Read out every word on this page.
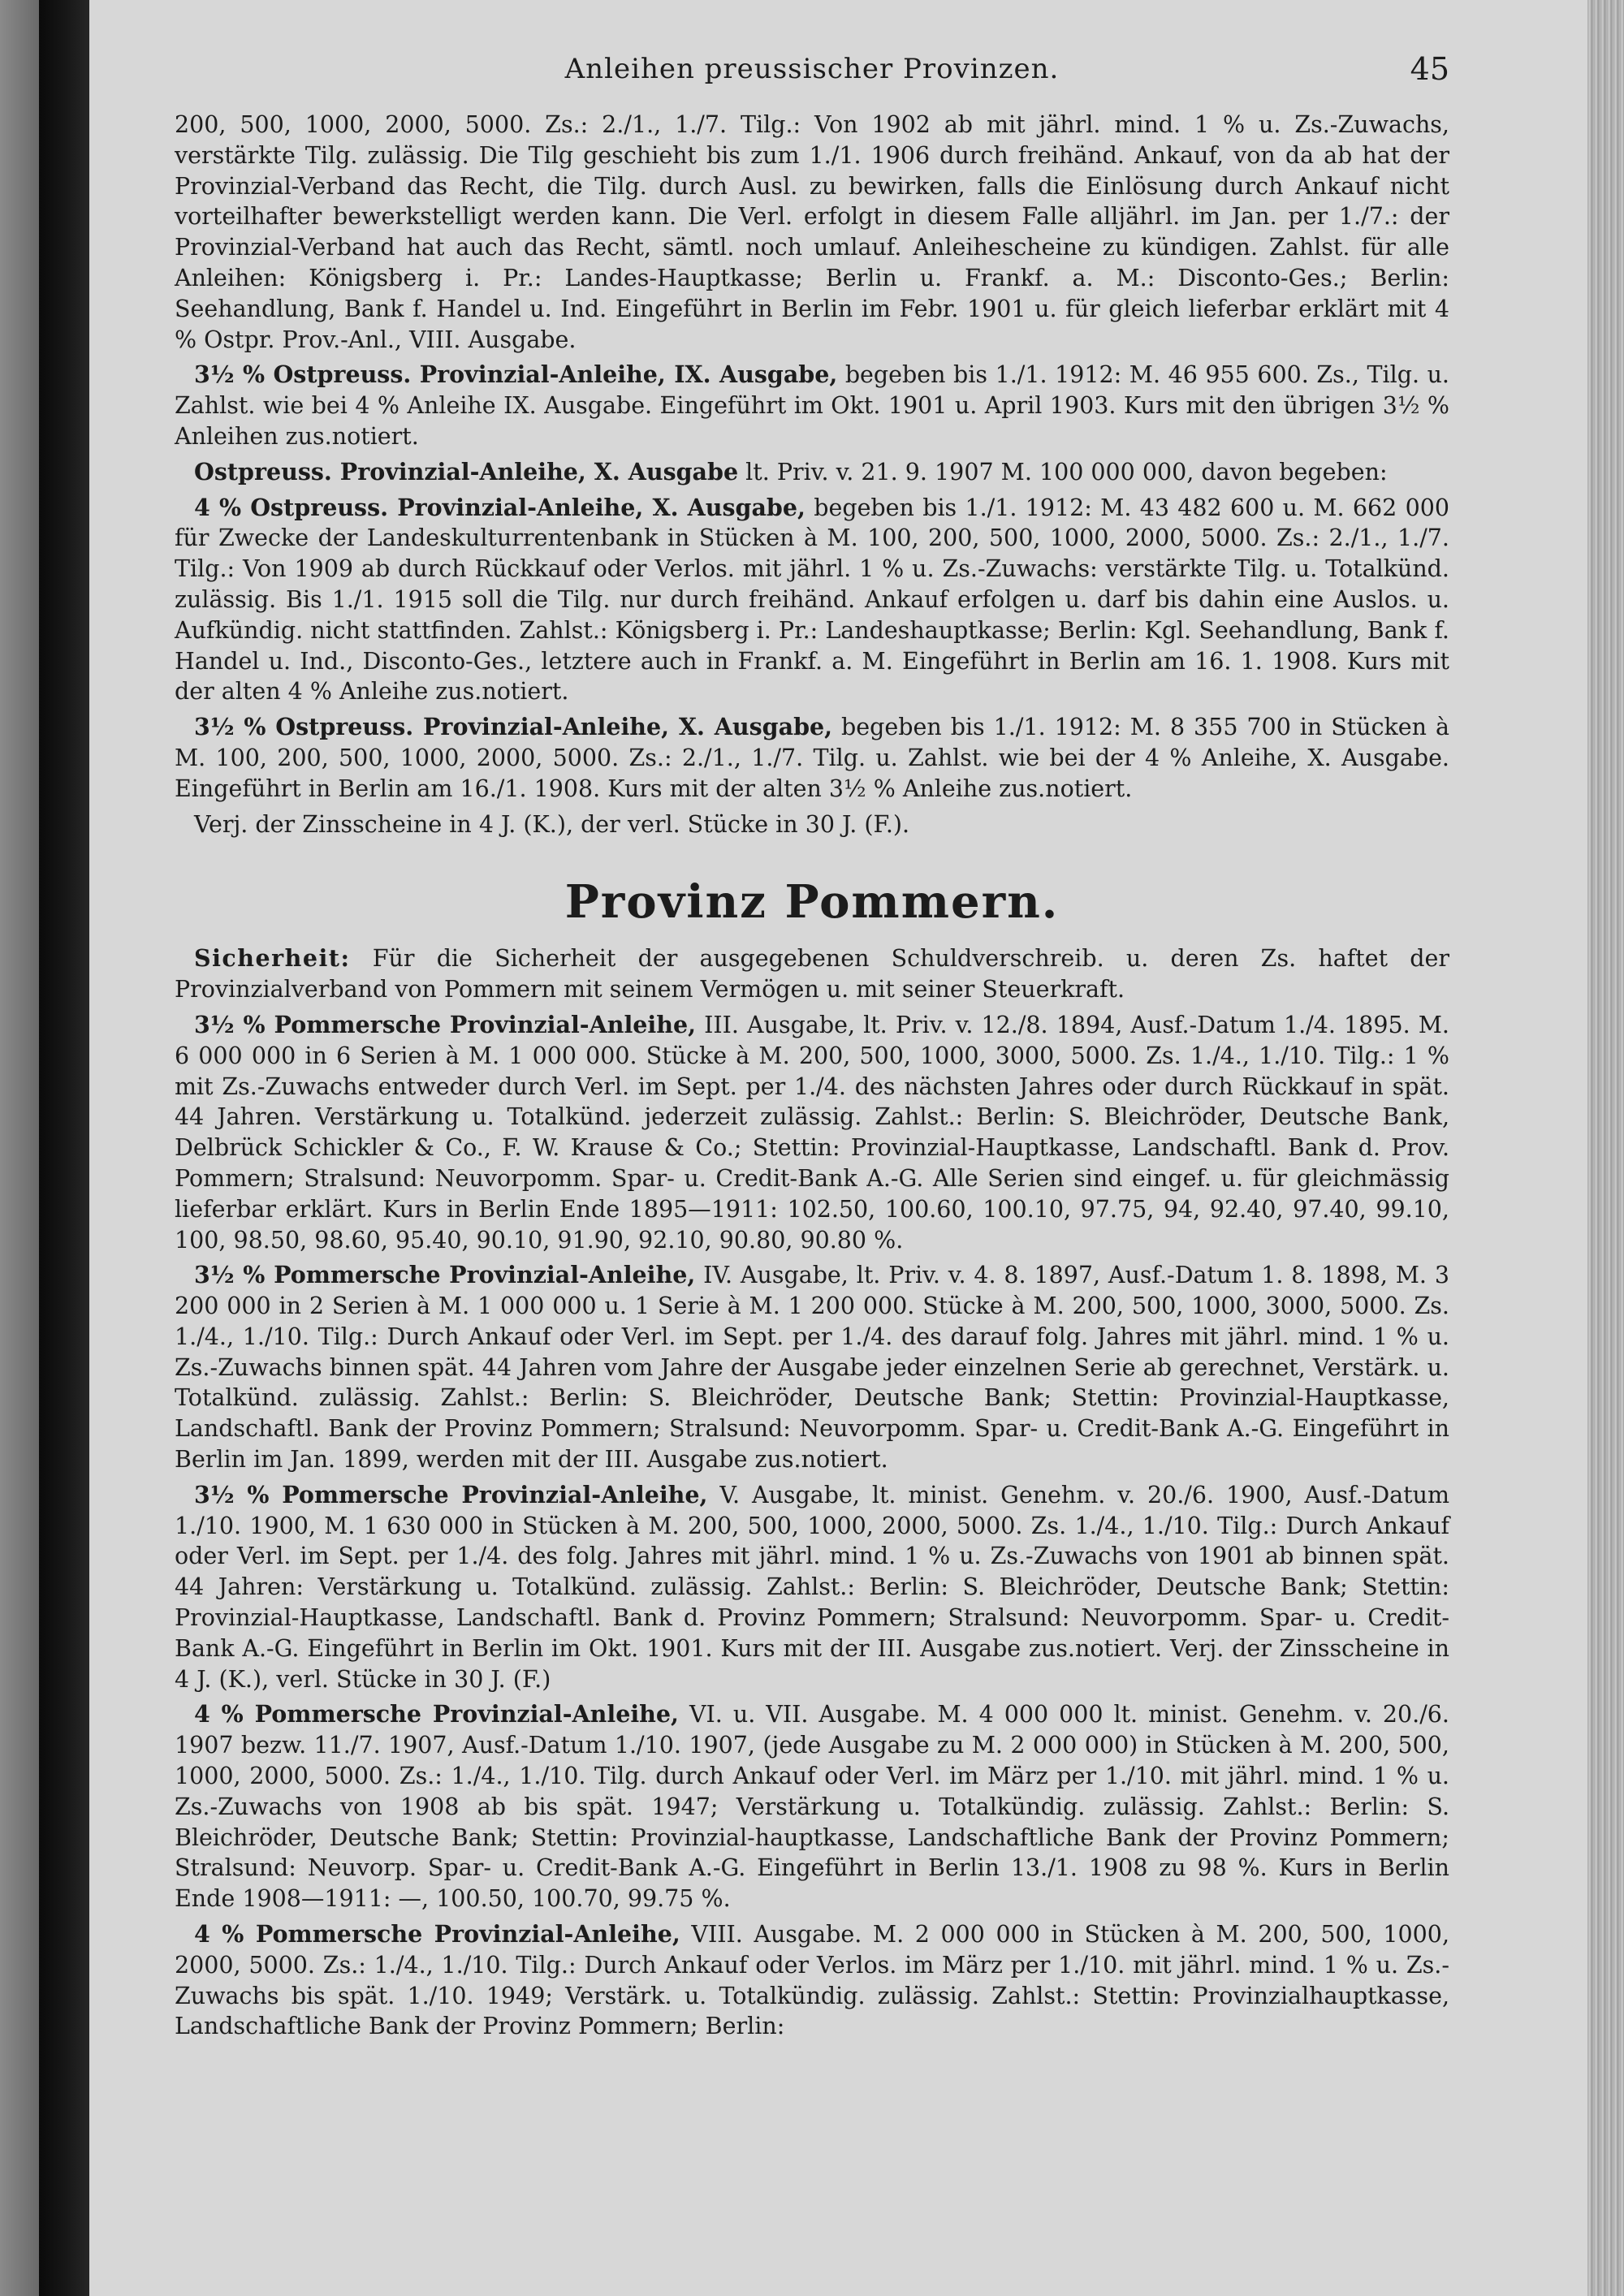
Anleihen preussischer Provinzen.	45

200, 500, 1000, 2000, 5000. Zs.: 2./1., 1./7. Tilg.: Von 1902 ab mit jährl. mind. 1 % u. Zs.-Zuwachs, verstärkte Tilg. zulässig. Die Tilg geschieht bis zum 1./1. 1906 durch freihänd. Ankauf, von da ab hat der Provinzial-Verband das Recht, die Tilg. durch Ausl. zu bewirken, falls die Einlösung durch Ankauf nicht vorteilhafter bewerkstelligt werden kann. Die Verl. erfolgt in diesem Falle alljährl. im Jan. per 1./7.: der Provinzial-Verband hat auch das Recht, sämtl. noch umlauf. Anleihescheine zu kündigen. Zahlst. für alle Anleihen: Königsberg i. Pr.: Landes-Hauptkasse; Berlin u. Frankf. a. M.: Disconto-Ges.; Berlin: Seehandlung, Bank f. Handel u. Ind. Eingeführt in Berlin im Febr. 1901 u. für gleich lieferbar erklärt mit 4 % Ostpr. Prov.-Anl., VIII. Ausgabe.

3½ % Ostpreuss. Provinzial-Anleihe, IX. Ausgabe, begeben bis 1./1. 1912: M. 46 955 600. Zs., Tilg. u. Zahlst. wie bei 4 % Anleihe IX. Ausgabe. Eingeführt im Okt. 1901 u. April 1903. Kurs mit den übrigen 3½ % Anleihen zus.notiert.

Ostpreuss. Provinzial-Anleihe, X. Ausgabe lt. Priv. v. 21. 9. 1907 M. 100 000 000, davon begeben:

4 % Ostpreuss. Provinzial-Anleihe, X. Ausgabe, begeben bis 1./1. 1912: M. 43 482 600 u. M. 662 000 für Zwecke der Landeskulturrentenbank in Stücken à M. 100, 200, 500, 1000, 2000, 5000. Zs.: 2./1., 1./7. Tilg.: Von 1909 ab durch Rückkauf oder Verlos. mit jährl. 1 % u. Zs.-Zuwachs: verstärkte Tilg. u. Totalkünd. zulässig. Bis 1./1. 1915 soll die Tilg. nur durch freihänd. Ankauf erfolgen u. darf bis dahin eine Auslos. u. Aufkündig. nicht stattfinden. Zahlst.: Königsberg i. Pr.: Landeshauptkasse; Berlin: Kgl. Seehandlung, Bank f. Handel u. Ind., Disconto-Ges., letztere auch in Frankf. a. M. Eingeführt in Berlin am 16. 1. 1908. Kurs mit der alten 4 % Anleihe zus.notiert.

3½ % Ostpreuss. Provinzial-Anleihe, X. Ausgabe, begeben bis 1./1. 1912: M. 8 355 700 in Stücken à M. 100, 200, 500, 1000, 2000, 5000. Zs.: 2./1., 1./7. Tilg. u. Zahlst. wie bei der 4 % Anleihe, X. Ausgabe. Eingeführt in Berlin am 16./1. 1908. Kurs mit der alten 3½ % Anleihe zus.notiert.

Verj. der Zinsscheine in 4 J. (K.), der verl. Stücke in 30 J. (F.).

Provinz Pommern.

Sicherheit: Für die Sicherheit der ausgegebenen Schuldverschreib. u. deren Zs. haftet der Provinzialverband von Pommern mit seinem Vermögen u. mit seiner Steuerkraft.

3½ % Pommersche Provinzial-Anleihe, III. Ausgabe, lt. Priv. v. 12./8. 1894, Ausf.-Datum 1./4. 1895. M. 6 000 000 in 6 Serien à M. 1 000 000. Stücke à M. 200, 500, 1000, 3000, 5000. Zs. 1./4., 1./10. Tilg.: 1 % mit Zs.-Zuwachs entweder durch Verl. im Sept. per 1./4. des nächsten Jahres oder durch Rückkauf in spät. 44 Jahren. Verstärkung u. Totalkünd. jederzeit zulässig. Zahlst.: Berlin: S. Bleichröder, Deutsche Bank, Delbrück Schickler & Co., F. W. Krause & Co.; Stettin: Provinzial-Hauptkasse, Landschaftl. Bank d. Prov. Pommern; Stralsund: Neuvorpomm. Spar- u. Credit-Bank A.-G. Alle Serien sind eingef. u. für gleichmässig lieferbar erklärt. Kurs in Berlin Ende 1895—1911: 102.50, 100.60, 100.10, 97.75, 94, 92.40, 97.40, 99.10, 100, 98.50, 98.60, 95.40, 90.10, 91.90, 92.10, 90.80, 90.80 %.

3½ % Pommersche Provinzial-Anleihe, IV. Ausgabe, lt. Priv. v. 4. 8. 1897, Ausf.-Datum 1. 8. 1898, M. 3 200 000 in 2 Serien à M. 1 000 000 u. 1 Serie à M. 1 200 000. Stücke à M. 200, 500, 1000, 3000, 5000. Zs. 1./4., 1./10. Tilg.: Durch Ankauf oder Verl. im Sept. per 1./4. des darauf folg. Jahres mit jährl. mind. 1 % u. Zs.-Zuwachs binnen spät. 44 Jahren vom Jahre der Ausgabe jeder einzelnen Serie ab gerechnet, Verstärk. u. Totalkünd. zulässig. Zahlst.: Berlin: S. Bleichröder, Deutsche Bank; Stettin: Provinzial-Hauptkasse, Landschaftl. Bank der Provinz Pommern; Stralsund: Neuvorpomm. Spar- u. Credit-Bank A.-G. Eingeführt in Berlin im Jan. 1899, werden mit der III. Ausgabe zus.notiert.

3½ % Pommersche Provinzial-Anleihe, V. Ausgabe, lt. minist. Genehm. v. 20./6. 1900, Ausf.-Datum 1./10. 1900, M. 1 630 000 in Stücken à M. 200, 500, 1000, 2000, 5000. Zs. 1./4., 1./10. Tilg.: Durch Ankauf oder Verl. im Sept. per 1./4. des folg. Jahres mit jährl. mind. 1 % u. Zs.-Zuwachs von 1901 ab binnen spät. 44 Jahren: Verstärkung u. Totalkünd. zulässig. Zahlst.: Berlin: S. Bleichröder, Deutsche Bank; Stettin: Provinzial-Hauptkasse, Landschaftl. Bank d. Provinz Pommern; Stralsund: Neuvorpomm. Spar- u. Credit-Bank A.-G. Eingeführt in Berlin im Okt. 1901. Kurs mit der III. Ausgabe zus.notiert. Verj. der Zinsscheine in 4 J. (K.), verl. Stücke in 30 J. (F.)

4 % Pommersche Provinzial-Anleihe, VI. u. VII. Ausgabe. M. 4 000 000 lt. minist. Genehm. v. 20./6. 1907 bezw. 11./7. 1907, Ausf.-Datum 1./10. 1907, (jede Ausgabe zu M. 2 000 000) in Stücken à M. 200, 500, 1000, 2000, 5000. Zs.: 1./4., 1./10. Tilg. durch Ankauf oder Verl. im März per 1./10. mit jährl. mind. 1 % u. Zs.-Zuwachs von 1908 ab bis spät. 1947; Verstärkung u. Totalkündig. zulässig. Zahlst.: Berlin: S. Bleichröder, Deutsche Bank; Stettin: Provinzial-hauptkasse, Landschaftliche Bank der Provinz Pommern; Stralsund: Neuvorp. Spar- u. Credit-Bank A.-G. Eingeführt in Berlin 13./1. 1908 zu 98 %. Kurs in Berlin Ende 1908—1911: —, 100.50, 100.70, 99.75 %.

4 % Pommersche Provinzial-Anleihe, VIII. Ausgabe. M. 2 000 000 in Stücken à M. 200, 500, 1000, 2000, 5000. Zs.: 1./4., 1./10. Tilg.: Durch Ankauf oder Verlos. im März per 1./10. mit jährl. mind. 1 % u. Zs.-Zuwachs bis spät. 1./10. 1949; Verstärk. u. Totalkündig. zulässig. Zahlst.: Stettin: Provinzialhauptkasse, Landschaftliche Bank der Provinz Pommern; Berlin:
